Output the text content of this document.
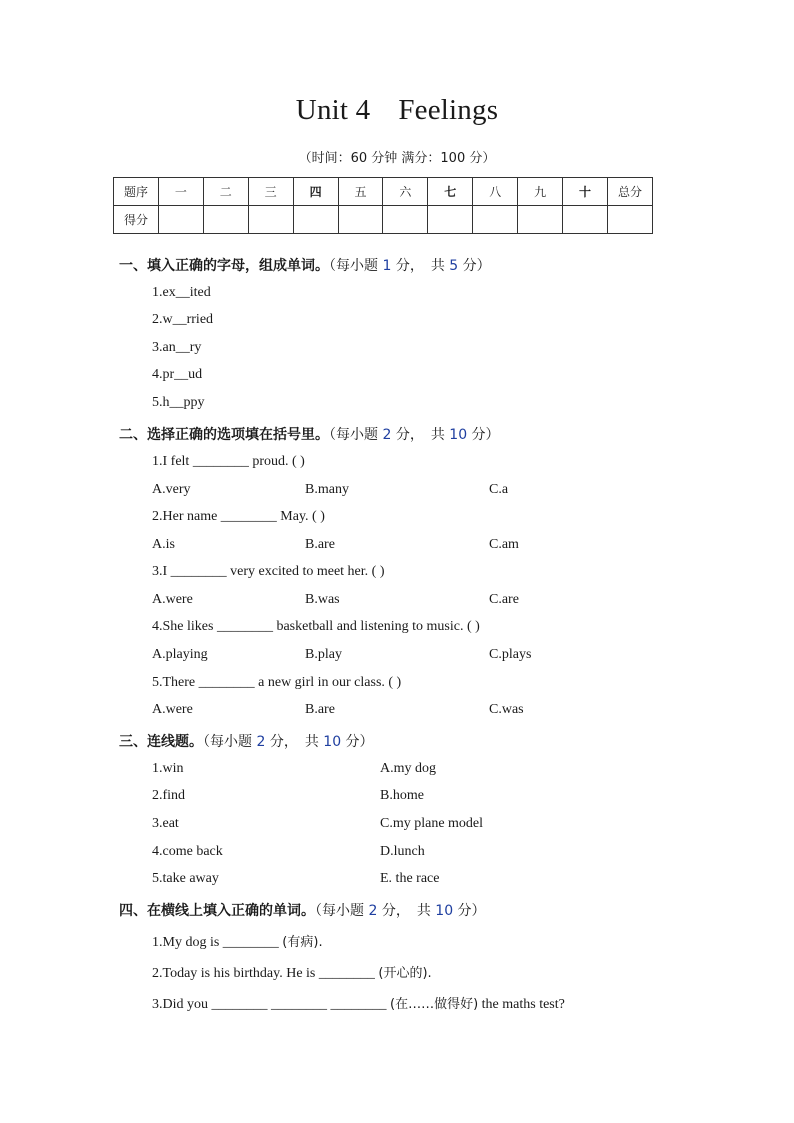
Unit 4 Feelings
（时间：60 分钟 满分：100 分）
题序	一	二	三	四	五	六	七	八	九	十	总分
得分											
一、填入正确的字母，组成单词。（每小题 1 分，　共 5 分）
1.ex__ited
2.w__rried
3.an__ry
4.pr__ud
5.h__ppy
二、选择正确的选项填在括号里。（每小题 2 分，　共 10 分）
1.I felt ________ proud. ( )
A.very	B.many	C.a
2.Her name ________ May. ( )
A.is	B.are	C.am
3.I ________ very excited to meet her. ( )
A.were	B.was	C.are
4.She likes ________ basketball and listening to music. ( )
A.playing	B.play	C.plays
5.There ________ a new girl in our class. ( )
A.were	B.are	C.was
三、连线题。（每小题 2 分，　共 10 分）
1.win	A.my dog
2.find	B.home
3.eat	C.my plane model
4.come back	D.lunch
5.take away	E. the race
四、在横线上填入正确的单词。（每小题 2 分，　共 10 分）
1.My dog is ________ (有病).
2.Today is his birthday. He is ________ (开心的).
3.Did you ________ ________ ________ (在……做得好) the maths test?
